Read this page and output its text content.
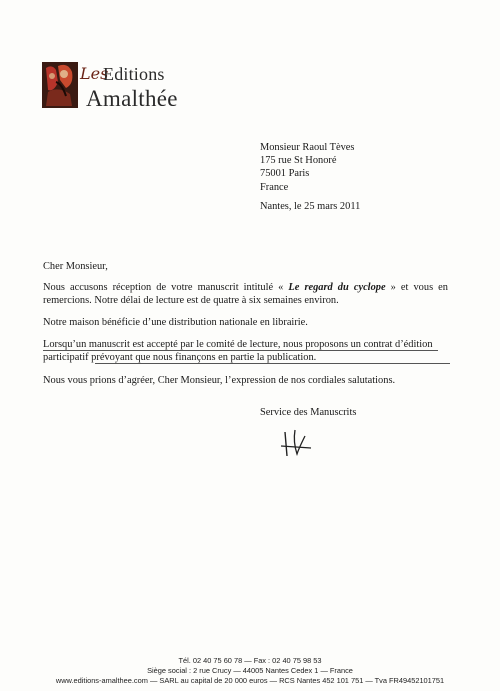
Les
Editions
Amalthée
Monsieur Raoul Tèves
175 rue St Honoré
75001 Paris
France
Nantes, le 25 mars 2011
Cher Monsieur,
Nous accusons réception de votre manuscrit intitulé « Le regard du cyclope » et vous en remercions. Notre délai de lecture est de quatre à six semaines environ.
Notre maison bénéficie d’une distribution nationale en librairie.
Lorsqu’un manuscrit est accepté par le comité de lecture, nous proposons un contrat d’édition participatif prévoyant que nous finançons en partie la publication.
Nous vous prions d’agréer, Cher Monsieur, l’expression de nos cordiales salutations.
Service des Manuscrits
Tél. 02 40 75 60 78 — Fax : 02 40 75 98 53
Siège social : 2 rue Crucy — 44005 Nantes Cedex 1 — France
www.editions-amalthee.com — SARL au capital de 20 000 euros — RCS Nantes 452 101 751 — Tva FR49452101751
